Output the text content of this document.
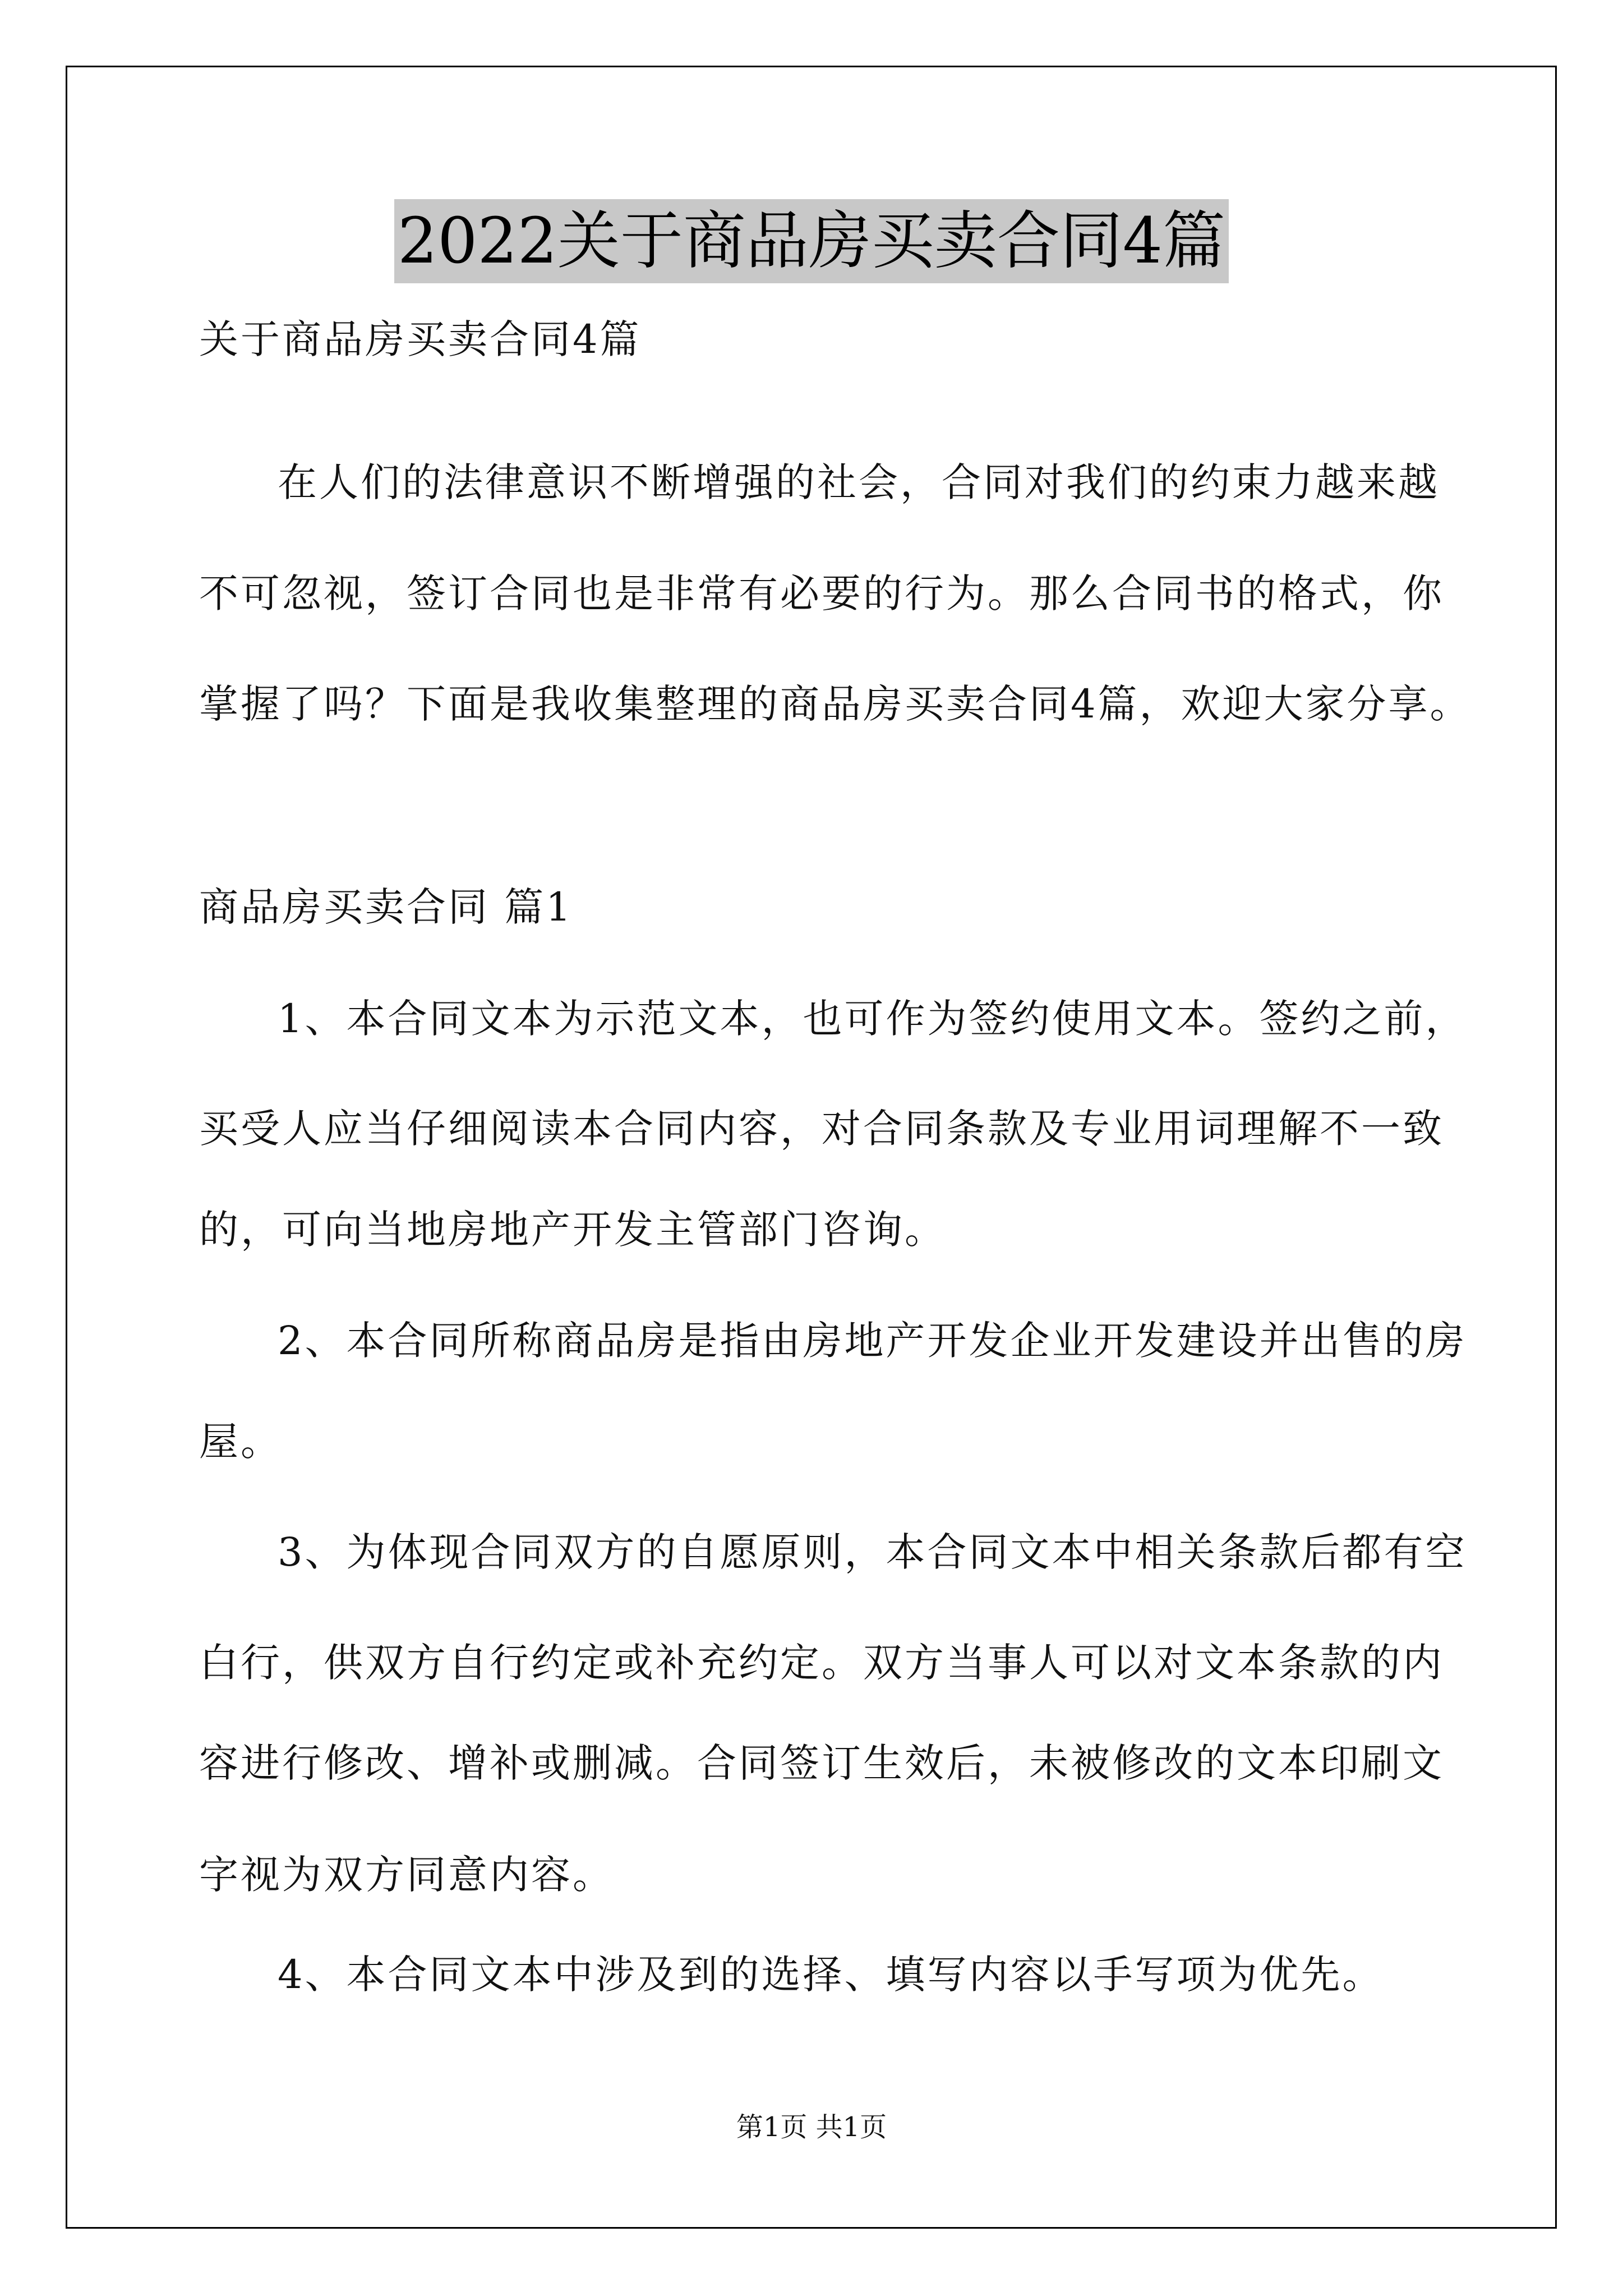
2022关于商品房买卖合同4篇
关于商品房买卖合同4篇
在人们的法律意识不断增强的社会，合同对我们的约束力越来越
不可忽视，签订合同也是非常有必要的行为。那么合同书的格式，你
掌握了吗？下面是我收集整理的商品房买卖合同4篇，欢迎大家分享。
商品房买卖合同 篇1
1、本合同文本为示范文本，也可作为签约使用文本。签约之前，
买受人应当仔细阅读本合同内容，对合同条款及专业用词理解不一致
的，可向当地房地产开发主管部门咨询。
2、本合同所称商品房是指由房地产开发企业开发建设并出售的房
屋。
3、为体现合同双方的自愿原则，本合同文本中相关条款后都有空
白行，供双方自行约定或补充约定。双方当事人可以对文本条款的内
容进行修改、增补或删减。合同签订生效后，未被修改的文本印刷文
字视为双方同意内容。
4、本合同文本中涉及到的选择、填写内容以手写项为优先。
第1页 共1页
